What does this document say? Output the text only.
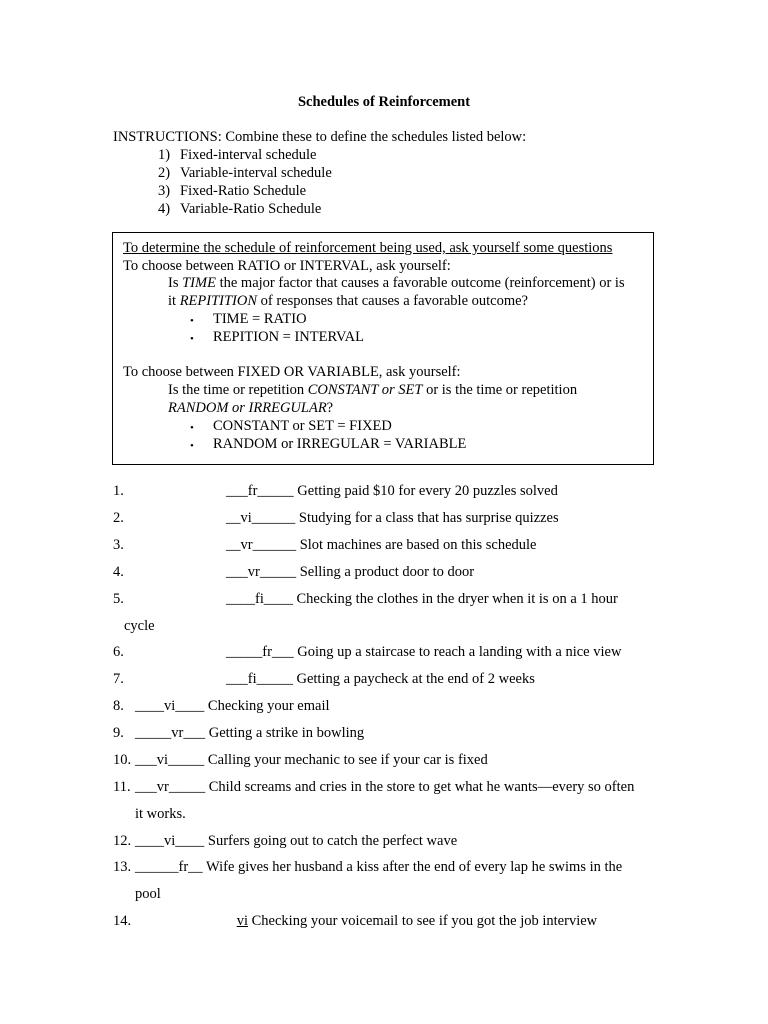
Schedules of Reinforcement
INSTRUCTIONS: Combine these to define the schedules listed below:
1) Fixed-interval schedule
2) Variable-interval schedule
3) Fixed-Ratio Schedule
4) Variable-Ratio Schedule
To determine the schedule of reinforcement being used, ask yourself some questions
To choose between RATIO or INTERVAL, ask yourself:
Is TIME the major factor that causes a favorable outcome (reinforcement) or is
it REPITITION of responses that causes a favorable outcome?
• TIME = RATIO
• REPITION = INTERVAL
To choose between FIXED OR VARIABLE, ask yourself:
Is the time or repetition CONSTANT or SET or is the time or repetition
RANDOM or IRREGULAR?
• CONSTANT or SET = FIXED
• RANDOM or IRREGULAR = VARIABLE
1.	___fr_____ Getting paid $10 for every 20 puzzles solved
2.	__vi______ Studying for a class that has surprise quizzes
3.	__vr______ Slot machines are based on this schedule
4.	___vr_____ Selling a product door to door
5.	____fi____ Checking the clothes in the dryer when it is on a 1 hour
cycle
6.	_____fr___ Going up a staircase to reach a landing with a nice view
7.	___fi_____ Getting a paycheck at the end of 2 weeks
8. ____vi____ Checking your email
9. _____vr___ Getting a strike in bowling
10. ___vi_____ Calling your mechanic to see if your car is fixed
11. ___vr_____ Child screams and cries in the store to get what he wants—every so often
it works.
12. ____vi____ Surfers going out to catch the perfect wave
13. ______fr__ Wife gives her husband a kiss after the end of every lap he swims in the
pool
14.	vi Checking your voicemail to see if you got the job interview
